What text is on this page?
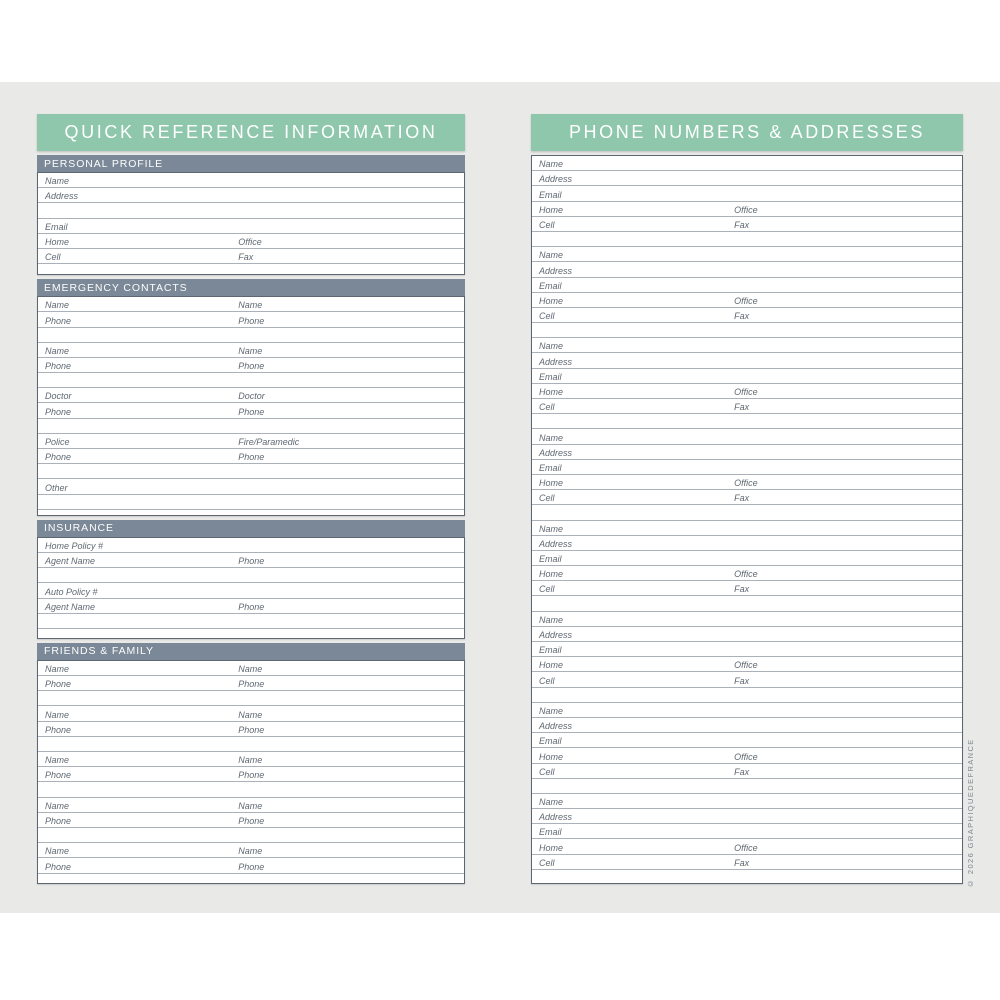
QUICK REFERENCE INFORMATION
PERSONAL PROFILE
Name
Address
Email
Home	Office
Cell	Fax
EMERGENCY CONTACTS
Name	Name
Phone	Phone
Name	Name
Phone	Phone
Doctor	Doctor
Phone	Phone
Police	Fire/Paramedic
Phone	Phone
Other
INSURANCE
Home Policy #
Agent Name	Phone
Auto Policy #
Agent Name	Phone
FRIENDS & FAMILY
Name	Name
Phone	Phone
Name	Name
Phone	Phone
Name	Name
Phone	Phone
Name	Name
Phone	Phone
Name	Name
Phone	Phone
PHONE NUMBERS & ADDRESSES
Name
Address
Email
Home	Office
Cell	Fax
Name
Address
Email
Home	Office
Cell	Fax
Name
Address
Email
Home	Office
Cell	Fax
Name
Address
Email
Home	Office
Cell	Fax
Name
Address
Email
Home	Office
Cell	Fax
Name
Address
Email
Home	Office
Cell	Fax
Name
Address
Email
Home	Office
Cell	Fax
Name
Address
Email
Home	Office
Cell	Fax	© 2026 GRAPHIQUEDEFRANCE
